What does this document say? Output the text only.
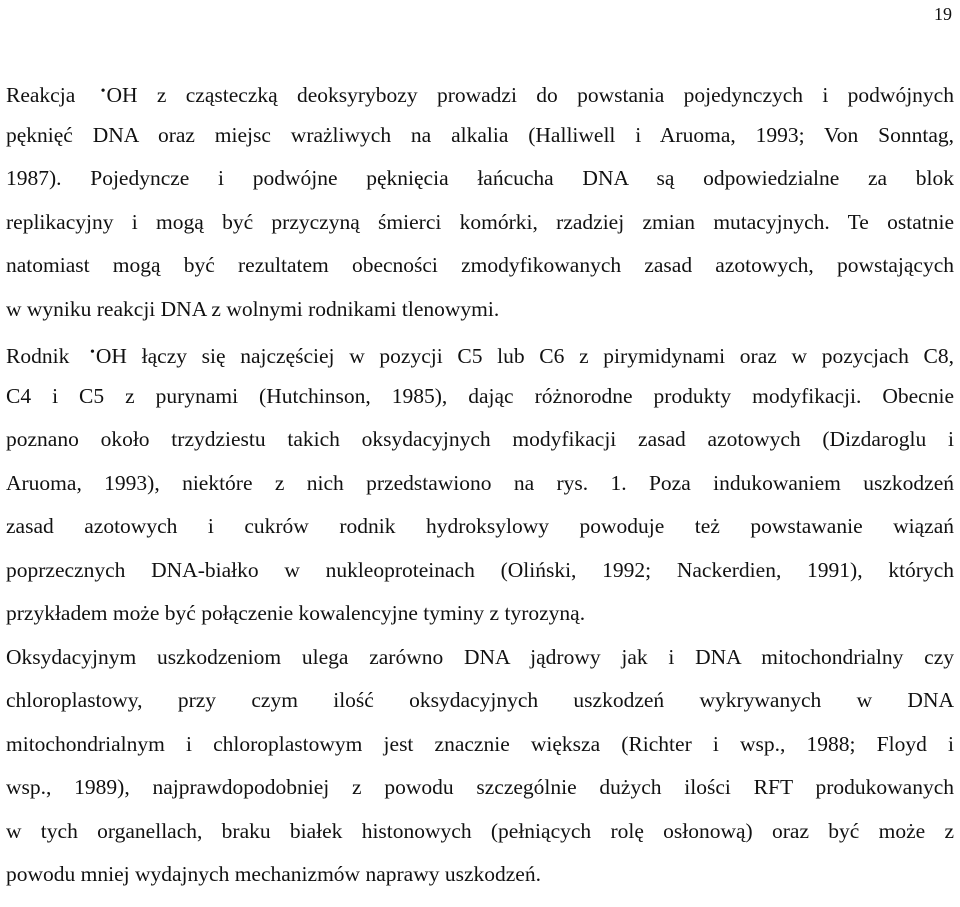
19
Reakcja •OH z cząsteczką deoksyrybozy prowadzi do powstania pojedynczych i podwójnych
pęknięć DNA oraz miejsc wrażliwych na alkalia (Halliwell i Aruoma, 1993; Von Sonntag,
1987). Pojedyncze i podwójne pęknięcia łańcucha DNA są odpowiedzialne za blok
replikacyjny i mogą być przyczyną śmierci komórki, rzadziej zmian mutacyjnych. Te ostatnie
natomiast mogą być rezultatem obecności zmodyfikowanych zasad azotowych, powstających
w wyniku reakcji DNA z wolnymi rodnikami tlenowymi.
Rodnik •OH łączy się najczęściej w pozycji C5 lub C6 z pirymidynami oraz w pozycjach C8,
C4 i C5 z purynami (Hutchinson, 1985), dając różnorodne produkty modyfikacji. Obecnie
poznano około trzydziestu takich oksydacyjnych modyfikacji zasad azotowych (Dizdaroglu i
Aruoma, 1993), niektóre z nich przedstawiono na rys. 1. Poza indukowaniem uszkodzeń
zasad azotowych i cukrów rodnik hydroksylowy powoduje też powstawanie wiązań
poprzecznych DNA-białko w nukleoproteinach (Oliński, 1992; Nackerdien, 1991), których
przykładem może być połączenie kowalencyjne tyminy z tyrozyną.
Oksydacyjnym uszkodzeniom ulega zarówno DNA jądrowy jak i DNA mitochondrialny czy
chloroplastowy, przy czym ilość oksydacyjnych uszkodzeń wykrywanych w DNA
mitochondrialnym i chloroplastowym jest znacznie większa (Richter i wsp., 1988; Floyd i
wsp., 1989), najprawdopodobniej z powodu szczególnie dużych ilości RFT produkowanych
w tych organellach, braku białek histonowych (pełniących rolę osłonową) oraz być może z
powodu mniej wydajnych mechanizmów naprawy uszkodzeń.
